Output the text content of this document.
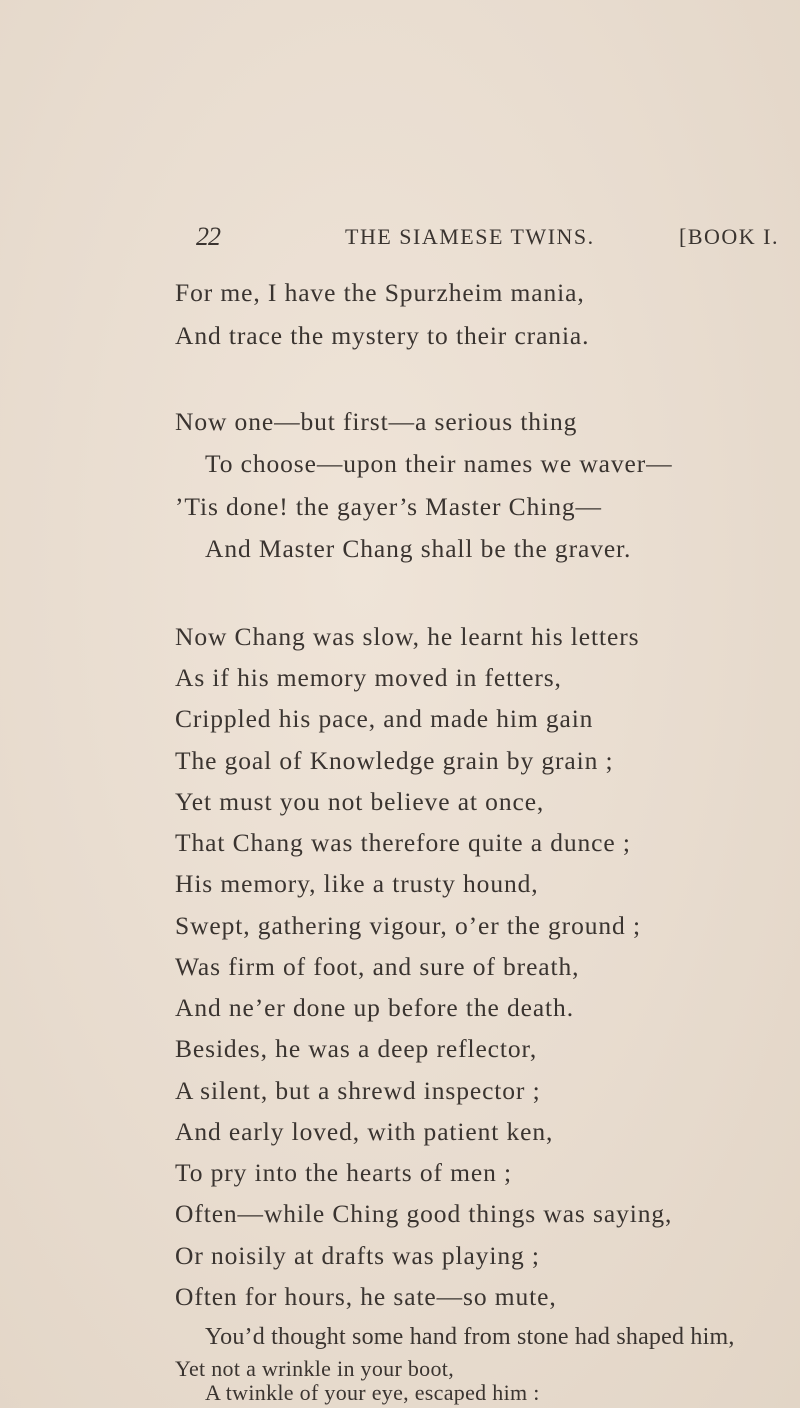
22	THE SIAMESE TWINS.	[BOOK I.
For me, I have the Spurzheim mania,
And trace the mystery to their crania.
Now one—but first—a serious thing
To choose—upon their names we waver—
’Tis done! the gayer’s Master Ching—
And Master Chang shall be the graver.
Now Chang was slow, he learnt his letters
As if his memory moved in fetters,
Crippled his pace, and made him gain
The goal of Knowledge grain by grain ;
Yet must you not believe at once,
That Chang was therefore quite a dunce ;
His memory, like a trusty hound,
Swept, gathering vigour, o’er the ground ;
Was firm of foot, and sure of breath,
And ne’er done up before the death.
Besides, he was a deep reflector,
A silent, but a shrewd inspector ;
And early loved, with patient ken,
To pry into the hearts of men ;
Often—while Ching good things was saying,
Or noisily at drafts was playing ;
Often for hours, he sate—so mute,
You’d thought some hand from stone had shaped him,
Yet not a wrinkle in your boot,
A twinkle of your eye, escaped him :
